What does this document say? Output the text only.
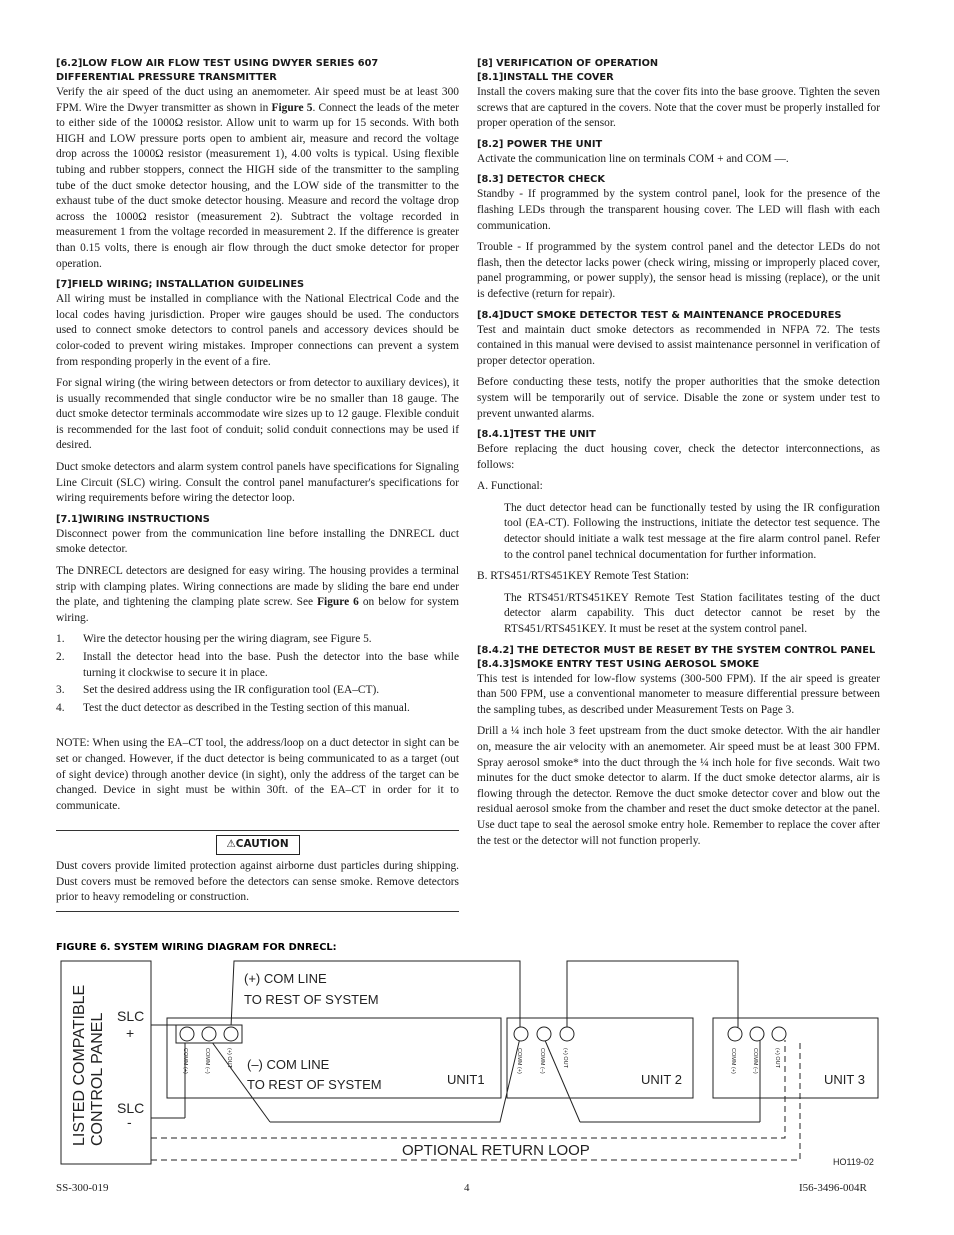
[6.2]LOW FLOW AIR FLOW TEST USING DWYER SERIES 607
DIFFERENTIAL PRESSURE TRANSMITTER

Verify the air speed of the duct using an anemometer. Air speed must be at least 300 FPM. Wire the Dwyer transmitter as shown in Figure 5. Connect the leads of the meter to either side of the 1000Ω resistor. Allow unit to warm up for 15 seconds. With both HIGH and LOW pressure ports open to ambient air, measure and record the voltage drop across the 1000Ω resistor (measurement 1), 4.00 volts is typical. Using flexible tubing and rubber stoppers, connect the HIGH side of the transmitter to the sampling tube of the duct smoke detector housing, and the LOW side of the transmitter to the exhaust tube of the duct smoke detector housing. Measure and record the voltage drop across the 1000Ω resistor (measurement 2). Subtract the voltage recorded in measurement 1 from the voltage recorded in measurement 2. If the difference is greater than 0.15 volts, there is enough air flow through the duct smoke detector for proper operation.

[7]FIELD WIRING; INSTALLATION GUIDELINES

All wiring must be installed in compliance with the National Electrical Code and the local codes having jurisdiction. Proper wire gauges should be used. The conductors used to connect smoke detectors to control panels and accessory devices should be color-coded to prevent wiring mistakes. Improper connections can prevent a system from responding properly in the event of a fire.

For signal wiring (the wiring between detectors or from detector to auxiliary devices), it is usually recommended that single conductor wire be no smaller than 18 gauge. The duct smoke detector terminals accommodate wire sizes up to 12 gauge. Flexible conduit is recommended for the last foot of conduit; solid conduit connections may be used if desired.

Duct smoke detectors and alarm system control panels have specifications for Signaling Line Circuit (SLC) wiring. Consult the control panel manufacturer's specifications for wiring requirements before wiring the detector loop.

[7.1]WIRING INSTRUCTIONS

Disconnect power from the communication line before installing the DNRECL duct smoke detector.

The DNRECL detectors are designed for easy wiring. The housing provides a terminal strip with clamping plates. Wiring connections are made by sliding the bare end under the plate, and tightening the clamping plate screw. See Figure 6 on below for system wiring.

1. Wire the detector housing per the wiring diagram, see Figure 5.
2. Install the detector head into the base. Push the detector into the base while turning it clockwise to secure it in place.
3. Set the desired address using the IR configuration tool (EA–CT).
4. Test the duct detector as described in the Testing section of this manual.

NOTE: When using the EA–CT tool, the address/loop on a duct detector in sight can be set or changed. However, if the duct detector is being communicated to as a target (out of sight device) through another device (in sight), only the address of the target can be changed. Device in sight must be within 30ft. of the EA–CT in order for it to communicate.

⚠CAUTION

Dust covers provide limited protection against airborne dust particles during shipping. Dust covers must be removed before the detectors can sense smoke. Remove detectors prior to heavy remodeling or construction.

[8] VERIFICATION OF OPERATION
[8.1]INSTALL THE COVER

Install the covers making sure that the cover fits into the base groove. Tighten the seven screws that are captured in the covers. Note that the cover must be properly installed for proper operation of the sensor.

[8.2] POWER THE UNIT

Activate the communication line on terminals COM + and COM —.

[8.3] DETECTOR CHECK

Standby - If programmed by the system control panel, look for the presence of the flashing LEDs through the transparent housing cover. The LED will flash with each communication.

Trouble - If programmed by the system control panel and the detector LEDs do not flash, then the detector lacks power (check wiring, missing or improperly placed cover, panel programming, or power supply), the sensor head is missing (replace), or the unit is defective (return for repair).

[8.4]DUCT SMOKE DETECTOR TEST & MAINTENANCE PROCEDURES

Test and maintain duct smoke detectors as recommended in NFPA 72. The tests contained in this manual were devised to assist maintenance personnel in verification of proper detector operation.

Before conducting these tests, notify the proper authorities that the smoke detection system will be temporarily out of service. Disable the zone or system under test to prevent unwanted alarms.

[8.4.1]TEST THE UNIT

Before replacing the duct housing cover, check the detector interconnections, as follows:

A. Functional:

The duct detector head can be functionally tested by using the IR configuration tool (EA-CT). Following the instructions, initiate the detector test sequence. The detector should initiate a walk test message at the fire alarm control panel. Refer to the control panel technical documentation for further information.

B. RTS451/RTS451KEY Remote Test Station:

The RTS451/RTS451KEY Remote Test Station facilitates testing of the duct detector alarm capability. This duct detector cannot be reset by the RTS451/RTS451KEY. It must be reset at the system control panel.

[8.4.2] THE DETECTOR MUST BE RESET BY THE SYSTEM CONTROL PANEL
[8.4.3]SMOKE ENTRY TEST USING AEROSOL SMOKE

This test is intended for low-flow systems (300-500 FPM). If the air speed is greater than 500 FPM, use a conventional manometer to measure differential pressure between the sampling tubes, as described under Measurement Tests on Page 3.

Drill a ¼ inch hole 3 feet upstream from the duct smoke detector. With the air handler on, measure the air velocity with an anemometer. Air speed must be at least 300 FPM. Spray aerosol smoke* into the duct through the ¼ inch hole for five seconds. Wait two minutes for the duct smoke detector to alarm. If the duct smoke detector alarms, air is flowing through the detector. Remove the duct smoke detector cover and blow out the residual aerosol smoke from the chamber and reset the duct smoke detector at the panel. Use duct tape to seal the aerosol smoke entry hole. Remember to replace the cover after the test or the detector will not function properly.

FIGURE 6. SYSTEM WIRING DIAGRAM FOR DNRECL:
LISTED COMPATIBLE CONTROL PANEL SLC
+
SLC
-
(+) COM LINE
TO REST OF SYSTEM
(–) COM LINE
TO REST OF SYSTEM	UNIT1	UNIT 2	UNIT 3
COMM (+)	COMM (–)	(+) OUT	COMM (+)	COMM (–)	(+) OUT	COMM (+)	COMM (–)	(+) OUT
OPTIONAL RETURN LOOP
HO119-02
SS-300-019	4	I56-3496-004R
